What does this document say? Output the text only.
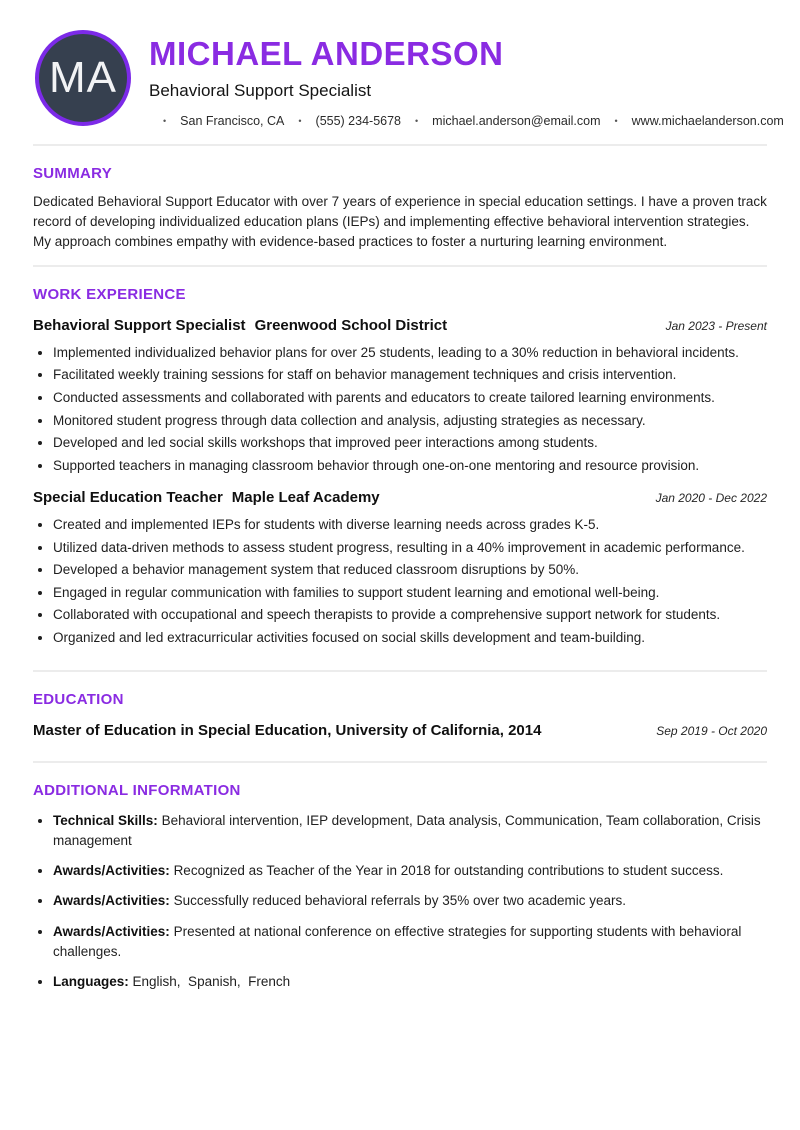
MA MICHAEL ANDERSON
Behavioral Support Specialist
• San Francisco, CA	• (555) 234-5678	• michael.anderson@email.com	• www.michaelanderson.com
SUMMARY

Dedicated Behavioral Support Educator with over 7 years of experience in special education settings. I have a proven track record of developing individualized education plans (IEPs) and implementing effective behavioral intervention strategies. My approach combines empathy with evidence-based practices to foster a nurturing learning environment.

WORK EXPERIENCE
Behavioral Support Specialist Greenwood School District	Jan 2023 - Present
• Implemented individualized behavior plans for over 25 students, leading to a 30% reduction in behavioral incidents.
• Facilitated weekly training sessions for staff on behavior management techniques and crisis intervention.
• Conducted assessments and collaborated with parents and educators to create tailored learning environments.
• Monitored student progress through data collection and analysis, adjusting strategies as necessary.
• Developed and led social skills workshops that improved peer interactions among students.
• Supported teachers in managing classroom behavior through one-on-one mentoring and resource provision.
Special Education Teacher Maple Leaf Academy	Jan 2020 - Dec 2022
• Created and implemented IEPs for students with diverse learning needs across grades K-5.
• Utilized data-driven methods to assess student progress, resulting in a 40% improvement in academic performance.
• Developed a behavior management system that reduced classroom disruptions by 50%.
• Engaged in regular communication with families to support student learning and emotional well-being.
• Collaborated with occupational and speech therapists to provide a comprehensive support network for students.
• Organized and led extracurricular activities focused on social skills development and team-building.
EDUCATION
Master of Education in Special Education, University of California, 2014	Sep 2019 - Oct 2020
ADDITIONAL INFORMATION
• Technical Skills: Behavioral intervention, IEP development, Data analysis, Communication, Team collaboration, Crisis management
• Awards/Activities: Recognized as Teacher of the Year in 2018 for outstanding contributions to student success.
• Awards/Activities: Successfully reduced behavioral referrals by 35% over two academic years.
• Awards/Activities: Presented at national conference on effective strategies for supporting students with behavioral challenges.
• Languages: English,  Spanish,  French
